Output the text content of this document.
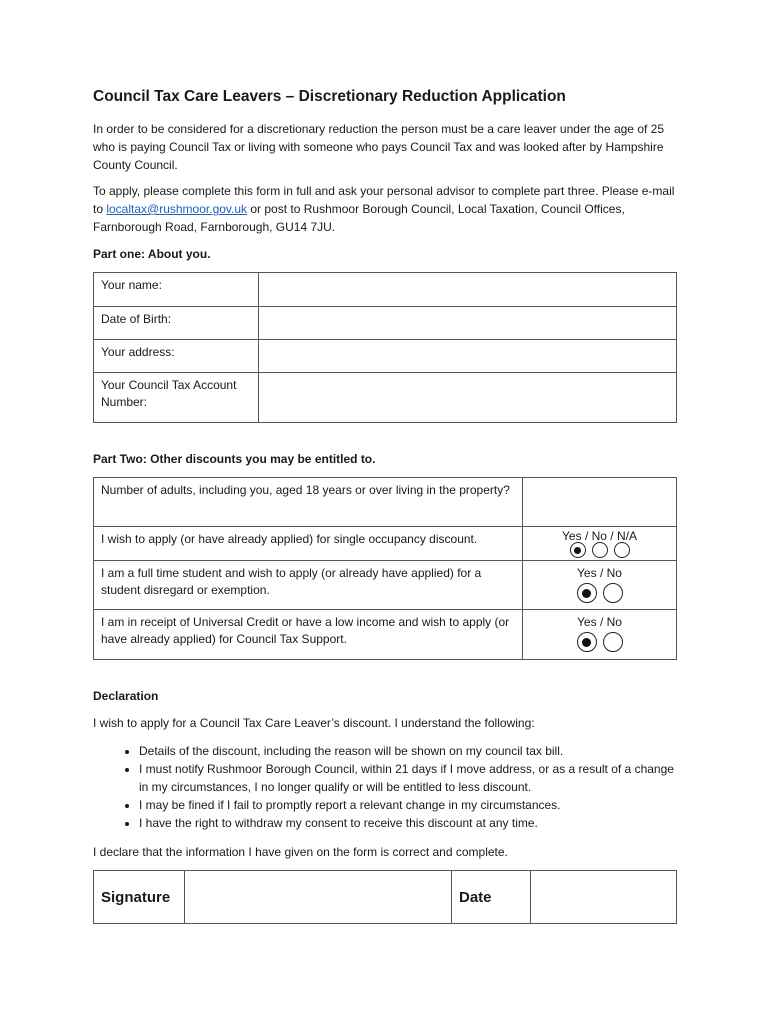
Council Tax Care Leavers – Discretionary Reduction Application

In order to be considered for a discretionary reduction the person must be a care leaver under the age of 25 who is paying Council Tax or living with someone who pays Council Tax and was looked after by Hampshire County Council.

To apply, please complete this form in full and ask your personal advisor to complete part three. Please e-mail to localtax@rushmoor.gov.uk or post to Rushmoor Borough Council, Local Taxation, Council Offices, Farnborough Road, Farnborough, GU14 7JU.

Part one: About you.

Your name:	
Date of Birth:	
Your address:	
Your Council Tax Account Number:	

Part Two: Other discounts you may be entitled to.

Number of adults, including you, aged 18 years or over living in the property?	
I wish to apply (or have already applied) for single occupancy discount.	Yes / No / N/A

I am a full time student and wish to apply (or already have applied) for a student disregard or exemption.	Yes / No

I am in receipt of Universal Credit or have a low income and wish to apply (or have already applied) for Council Tax Support.	Yes / No

Declaration

I wish to apply for a Council Tax Care Leaver’s discount. I understand the following:

• Details of the discount, including the reason will be shown on my council tax bill.
• I must notify Rushmoor Borough Council, within 21 days if I move address, or as a result of a change in my circumstances, I no longer qualify or will be entitled to less discount.
• I may be fined if I fail to promptly report a relevant change in my circumstances.
• I have the right to withdraw my consent to receive this discount at any time.

I declare that the information I have given on the form is correct and complete.

Signature		Date	
